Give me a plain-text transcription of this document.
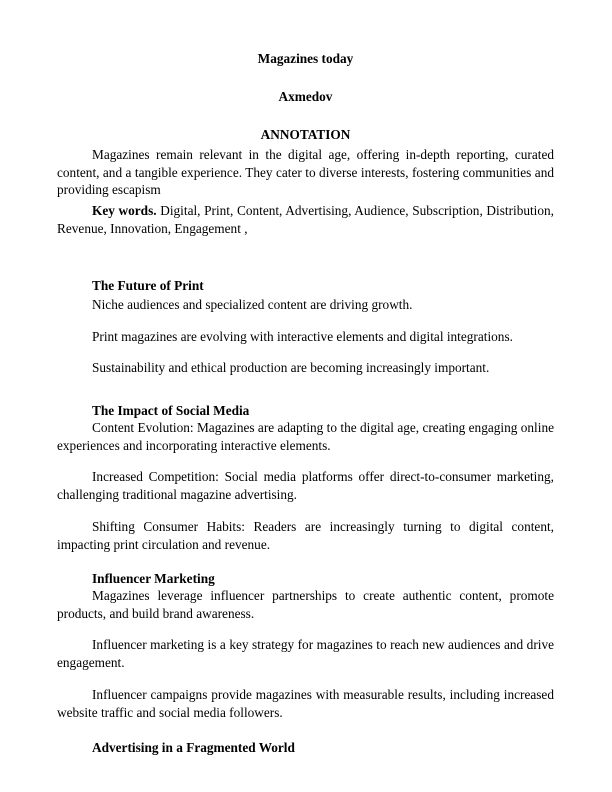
Magazines today
Axmedov
ANNOTATION

Magazines remain relevant in the digital age, offering in-depth reporting, curated content, and a tangible experience. They cater to diverse interests, fostering communities and providing escapism

Key words. Digital, Print, Content, Advertising, Audience, Subscription, Distribution, Revenue, Innovation, Engagement ,

The Future of Print

Niche audiences and specialized content are driving growth.

Print magazines are evolving with interactive elements and digital integrations.

Sustainability and ethical production are becoming increasingly important.

The Impact of Social Media

Content Evolution: Magazines are adapting to the digital age, creating engaging online experiences and incorporating interactive elements.

Increased Competition: Social media platforms offer direct-to-consumer marketing, challenging traditional magazine advertising.

Shifting Consumer Habits: Readers are increasingly turning to digital content, impacting print circulation and revenue.

Influencer Marketing

Magazines leverage influencer partnerships to create authentic content, promote products, and build brand awareness.

Influencer marketing is a key strategy for magazines to reach new audiences and drive engagement.

Influencer campaigns provide magazines with measurable results, including increased website traffic and social media followers.

Advertising in a Fragmented World
